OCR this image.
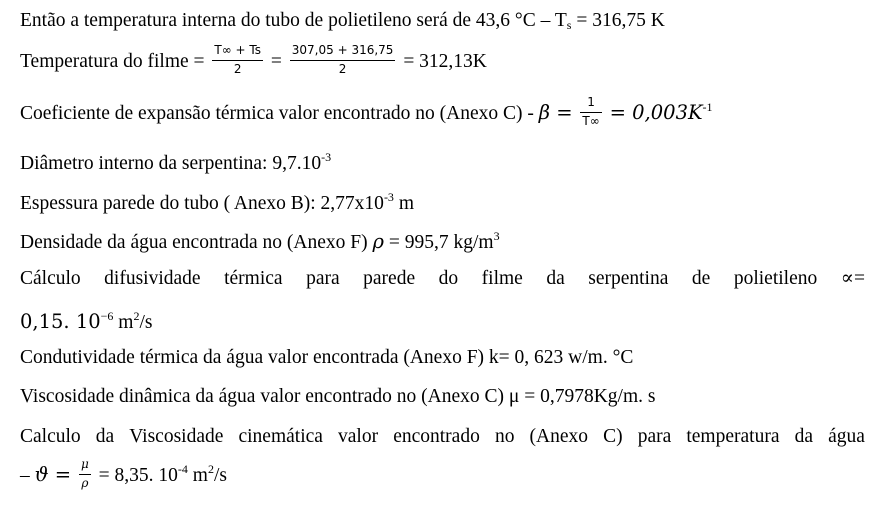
Então a temperatura interna do tubo de polietileno será de 43,6 $^\circ C - T_s = 316,75$ K
Temperatura do filme = $\frac{T\infty + Ts}{2} = \frac{307,05 + 316,75}{2} = 312,13K$
Coeficiente de expansão térmica valor encontrado no (Anexo $C) - \beta = \frac{1}{T\infty} = 0,003K^{-1}$
Diâmetro interno da serpentina: $9,7.10^{-3}$
Espessura parede do tubo ( Anexo B): $2,77x10^{-3}$ m
Densidade da água encontrada no (Anexo F) ρ = 995,7 $kg/m^3$
Cálculo difusividade térmica para parede do filme da serpentina de polietileno ∝=
0,15. $10^{-6}$ $m^2/s$
Condutividade térmica da água valor encontrada (Anexo F) k= 0, 623 w/m. °C
Viscosidade dinâmica da água valor encontrado no (Anexo C) μ = 0,7978Kg/m. s
Calculo da Viscosidade cinemática valor encontrado no (Anexo C) para temperatura da água
– $ϑ = \frac{\mu}{\rho} = 8,35$. $10^{-4}$ $m^2/s$
